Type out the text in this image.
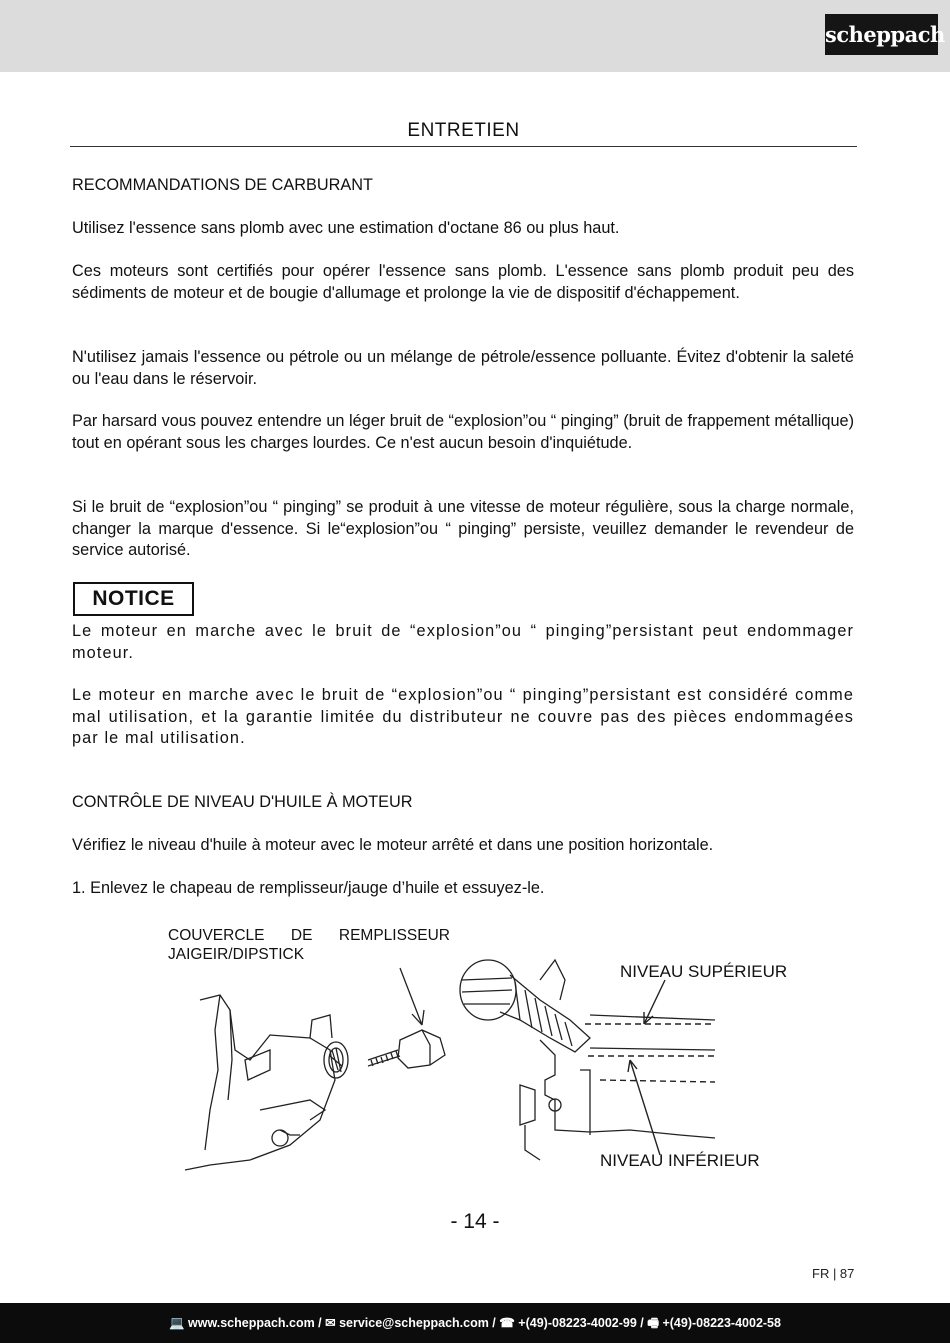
scheppach
ENTRETIEN

RECOMMANDATIONS DE CARBURANT

Utilisez l'essence sans plomb avec une estimation d'octane 86 ou plus haut.

Ces moteurs sont certifiés pour opérer l'essence sans plomb. L'essence sans plomb produit peu des sédiments de moteur et de bougie d'allumage et prolonge la vie de dispositif d'échappement.

N'utilisez jamais l'essence ou pétrole ou un mélange de pétrole/essence polluante. Évitez d'obtenir la saleté ou l'eau dans le réservoir.

Par harsard vous pouvez entendre un léger bruit de “explosion”ou “ pinging” (bruit de frappement métallique) tout en opérant sous les charges lourdes. Ce n'est aucun besoin d'inquiétude.

Si le bruit de “explosion”ou “ pinging” se produit à une vitesse de moteur régulière, sous la charge normale, changer la marque d'essence. Si le“explosion”ou “ pinging” persiste, veuillez demander le revendeur de service autorisé.

NOTICE

Le moteur en marche avec le bruit de “explosion”ou “ pinging”persistant peut endommager moteur.

Le moteur en marche avec le bruit de “explosion”ou “ pinging”persistant est considéré comme mal utilisation, et la garantie limitée du distributeur ne couvre pas des pièces endommagées par le mal utilisation.

CONTRÔLE DE NIVEAU D'HUILE À MOTEUR

Vérifiez le niveau d'huile à moteur avec le moteur arrêté et dans une position horizontale.

1. Enlevez le chapeau de remplisseur/jauge d’huile et essuyez-le.

COUVERCLE DE REMPLISSEUR JAIGEIR/DIPSTICK
NIVEAU SUPÉRIEUR
NIVEAU INFÉRIEUR
- 14 -
FR | 87
💻 www.scheppach.com / ✉ service@scheppach.com / ☎ +(49)-08223-4002-99 / 🖷 +(49)-08223-4002-58
